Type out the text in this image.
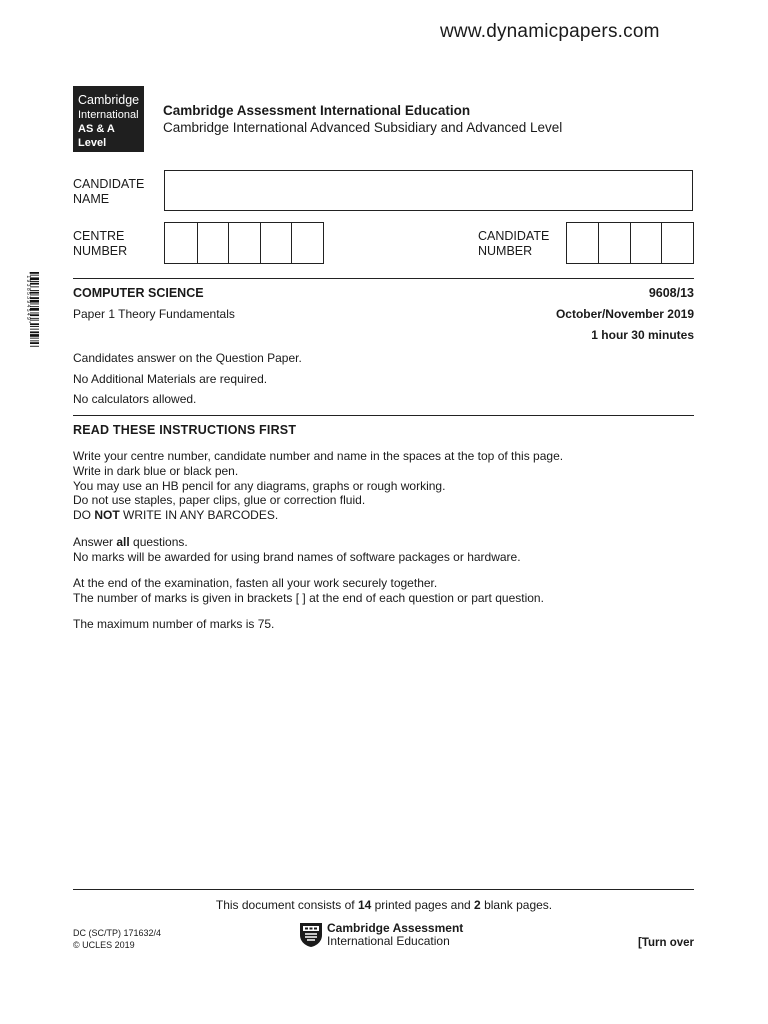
www.dynamicpapers.com
Cambridge
International
AS & A Level
Cambridge Assessment International Education
Cambridge International Advanced Subsidiary and Advanced Level
CANDIDATE
NAME
CENTRE
NUMBER
CANDIDATE
NUMBER
* 1 9 3 8 5 3 9 4 5 4 9 *	COMPUTER SCIENCE	9608/13
Paper 1 Theory Fundamentals	October/November 2019
1 hour 30 minutes
Candidates answer on the Question Paper.
No Additional Materials are required.
No calculators allowed.
READ THESE INSTRUCTIONS FIRST
Write your centre number, candidate number and name in the spaces at the top of this page.
Write in dark blue or black pen.
You may use an HB pencil for any diagrams, graphs or rough working.
Do not use staples, paper clips, glue or correction fluid.
DO NOT WRITE IN ANY BARCODES.
Answer all questions.
No marks will be awarded for using brand names of software packages or hardware.
At the end of the examination, fasten all your work securely together.
The number of marks is given in brackets [ ] at the end of each question or part question.
The maximum number of marks is 75.
This document consists of 14 printed pages and 2 blank pages.
DC (SC/TP) 171632/4
© UCLES 2019
Cambridge Assessment
International Education	[Turn over
